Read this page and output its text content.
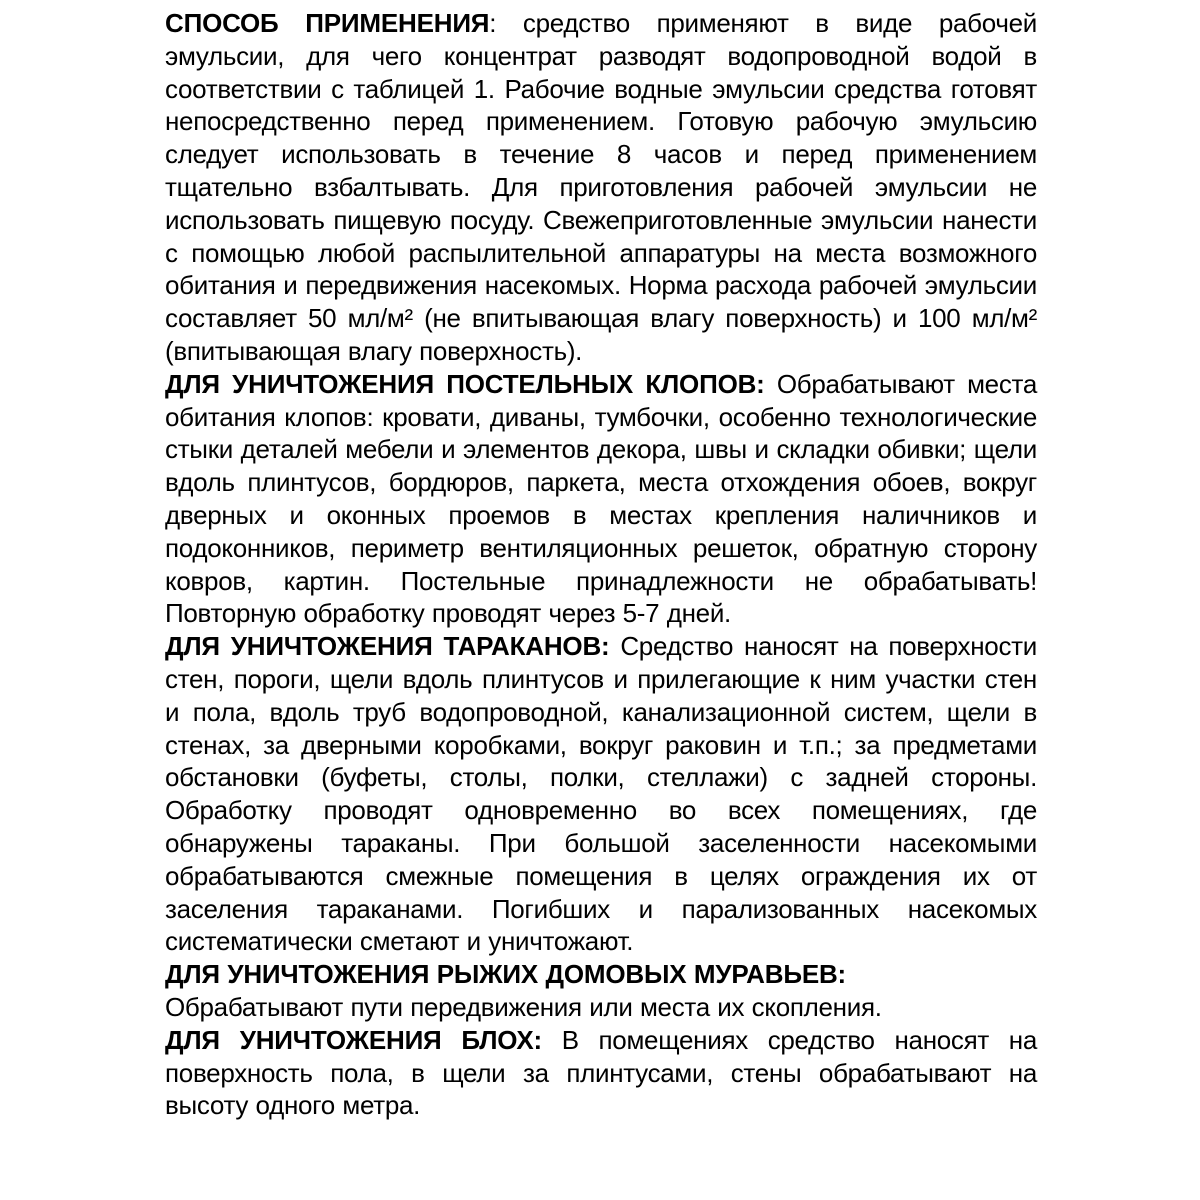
СПОСОБ ПРИМЕНЕНИЯ: средство применяют в виде рабочей эмульсии, для чего концентрат разводят водопроводной водой в соответствии с таблицей 1. Рабочие водные эмульсии средства готовят непосредственно перед применением. Готовую рабочую эмульсию следует использовать в течение 8 часов и перед применением тщательно взбалтывать. Для приготовления рабочей эмульсии не использовать пищевую посуду. Свежеприготовленные эмульсии нанести с помощью любой распылительной аппаратуры на места возможного обитания и передвижения насекомых. Норма расхода рабочей эмульсии составляет 50 мл/м² (не впитывающая влагу поверхность) и 100 мл/м² (впитывающая влагу поверхность).

ДЛЯ УНИЧТОЖЕНИЯ ПОСТЕЛЬНЫХ КЛОПОВ: Обрабатывают места обитания клопов: кровати, диваны, тумбочки, особенно технологические стыки деталей мебели и элементов декора, швы и складки обивки; щели вдоль плинтусов, бордюров, паркета, места отхождения обоев, вокруг дверных и оконных проемов в местах крепления наличников и подоконников, периметр вентиляционных решеток, обратную сторону ковров, картин. Постельные принадлежности не обрабатывать! Повторную обработку проводят через 5-7 дней.

ДЛЯ УНИЧТОЖЕНИЯ ТАРАКАНОВ: Средство наносят на поверхности стен, пороги, щели вдоль плинтусов и прилегающие к ним участки стен и пола, вдоль труб водопроводной, канализационной систем, щели в стенах, за дверными коробками, вокруг раковин и т.п.; за предметами обстановки (буфеты, столы, полки, стеллажи) с задней стороны. Обработку проводят одновременно во всех помещениях, где обнаружены тараканы. При большой заселенности насекомыми обрабатываются смежные помещения в целях ограждения их от заселения тараканами. Погибших и парализованных насекомых систематически сметают и уничтожают.

ДЛЯ УНИЧТОЖЕНИЯ РЫЖИХ ДОМОВЫХ МУРАВЬЕВ:
Обрабатывают пути передвижения или места их скопления.

ДЛЯ УНИЧТОЖЕНИЯ БЛОХ: В помещениях средство наносят на поверхность пола, в щели за плинтусами, стены обрабатывают на высоту одного метра.
